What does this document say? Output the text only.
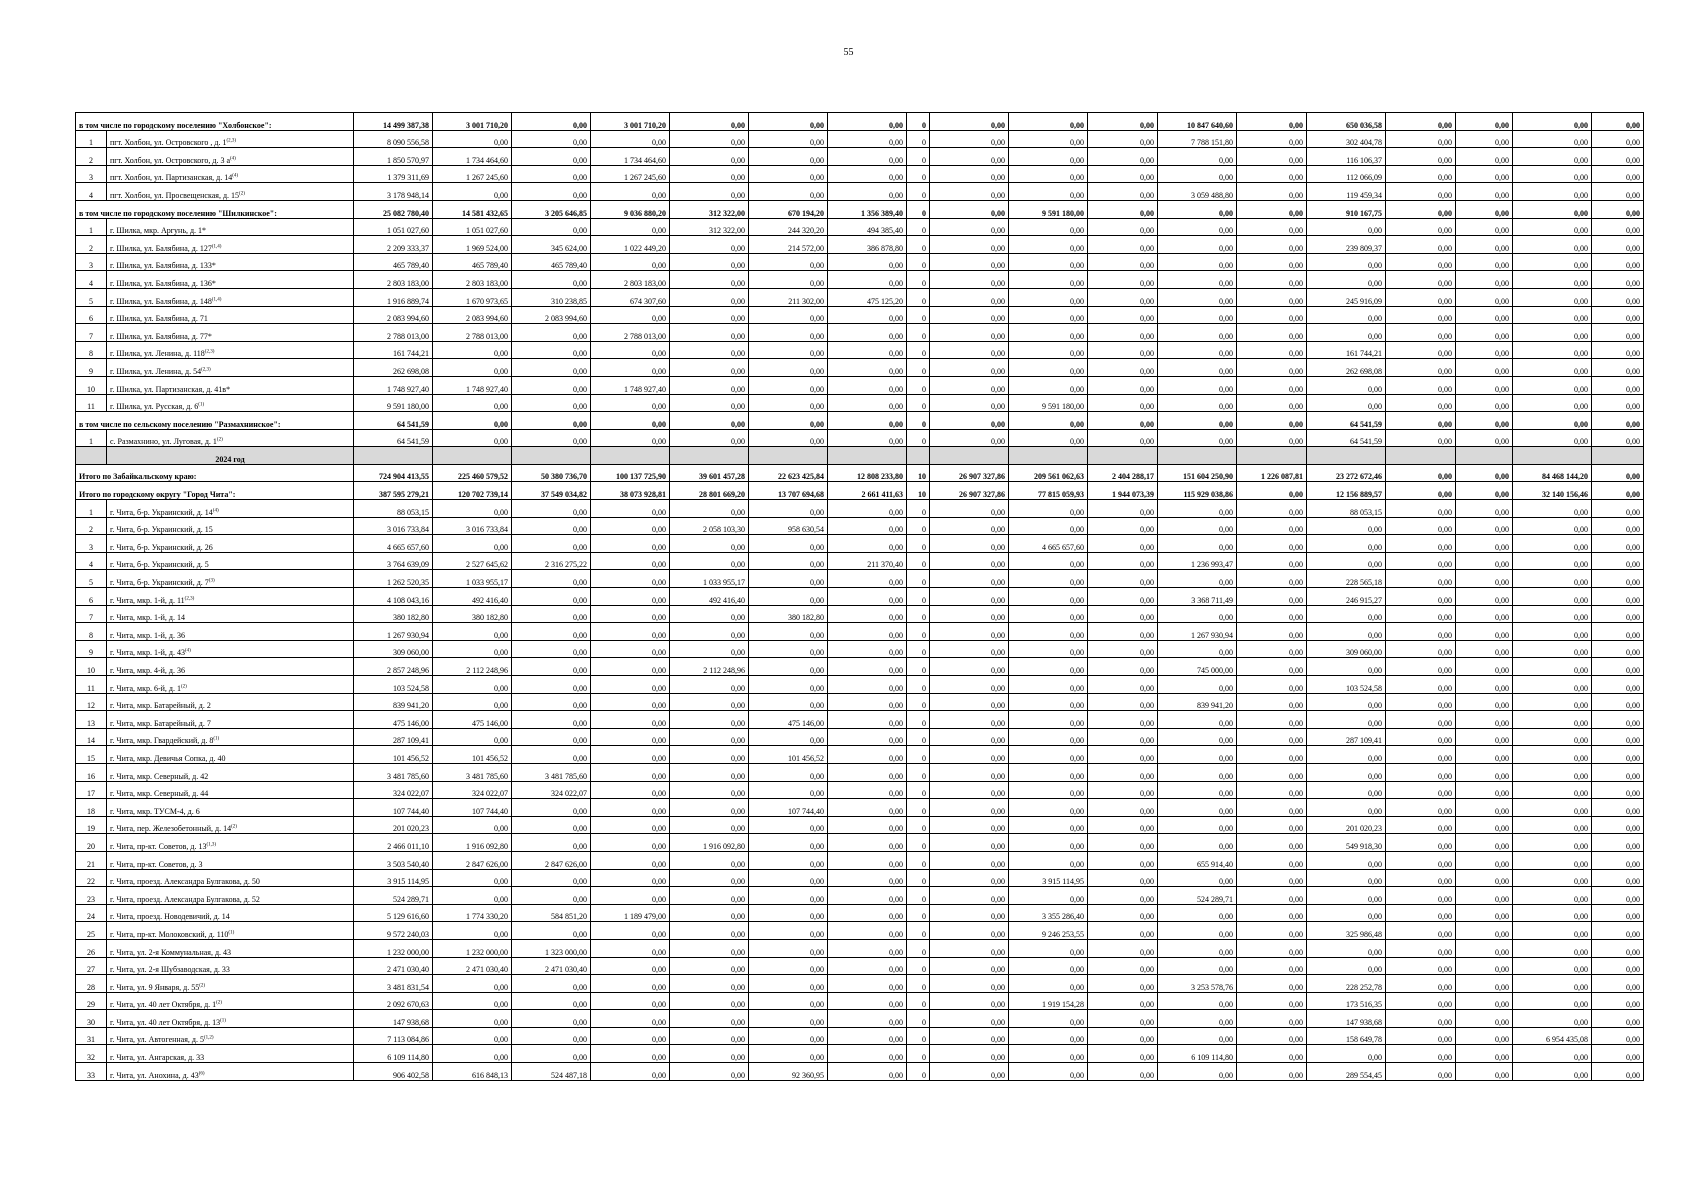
55
в том числе по городскому поселению "Холбонское":		14 499 387,38	3 001 710,20	0,00	3 001 710,20	0,00	0,00	0,00	0	0,00	0,00	0,00	10 847 640,60	0,00	650 036,58	0,00	0,00	0,00	0,00
1	пгт. Холбон, ул. Островского , д. 1$^{(2,3)}$	8 090 556,58	0,00	0,00	0,00	0,00	0,00	0,00	0	0,00	0,00	0,00	7 788 151,80	0,00	302 404,78	0,00	0,00	0,00	0,00
2	пгт. Холбон, ул. Островского, д. 3 $а^{(4)}$	1 850 570,97	1 734 464,60	0,00	1 734 464,60	0,00	0,00	0,00	0	0,00	0,00	0,00	0,00	0,00	116 106,37	0,00	0,00	0,00	0,00
3	пгт. Холбон, ул. Партизанская, д. 14$^{(4)}$	1 379 311,69	1 267 245,60	0,00	1 267 245,60	0,00	0,00	0,00	0	0,00	0,00	0,00	0,00	0,00	112 066,09	0,00	0,00	0,00	0,00
4	пгт. Холбон, ул. Просвещенская, д. 15$^{(2)}$	3 178 948,14	0,00	0,00	0,00	0,00	0,00	0,00	0	0,00	0,00	0,00	3 059 488,80	0,00	119 459,34	0,00	0,00	0,00	0,00
в том числе по городскому поселению "Шилкинское":		25 082 780,40	14 581 432,65	3 205 646,85	9 036 880,20	312 322,00	670 194,20	1 356 389,40	0	0,00	9 591 180,00	0,00	0,00	0,00	910 167,75	0,00	0,00	0,00	0,00
1	г. Шилка, мкр. Аргунь, д. 1*	1 051 027,60	1 051 027,60	0,00	0,00	312 322,00	244 320,20	494 385,40	0	0,00	0,00	0,00	0,00	0,00	0,00	0,00	0,00	0,00	0,00
2	г. Шилка, ул. Балябина, д. 127$^{(1,4)}$	2 209 333,37	1 969 524,00	345 624,00	1 022 449,20	0,00	214 572,00	386 878,80	0	0,00	0,00	0,00	0,00	0,00	239 809,37	0,00	0,00	0,00	0,00
3	г. Шилка, ул. Балябина, д. 133*	465 789,40	465 789,40	465 789,40	0,00	0,00	0,00	0,00	0	0,00	0,00	0,00	0,00	0,00	0,00	0,00	0,00	0,00	0,00
4	г. Шилка, ул. Балябина, д. 136*	2 803 183,00	2 803 183,00	0,00	2 803 183,00	0,00	0,00	0,00	0	0,00	0,00	0,00	0,00	0,00	0,00	0,00	0,00	0,00	0,00
5	г. Шилка, ул. Балябина, д. 148$^{(1,4)}$	1 916 889,74	1 670 973,65	310 238,85	674 307,60	0,00	211 302,00	475 125,20	0	0,00	0,00	0,00	0,00	0,00	245 916,09	0,00	0,00	0,00	0,00
6	г. Шилка, ул. Балябина, д. 71	2 083 994,60	2 083 994,60	2 083 994,60	0,00	0,00	0,00	0,00	0	0,00	0,00	0,00	0,00	0,00	0,00	0,00	0,00	0,00	0,00
7	г. Шилка, ул. Балябина, д. 77*	2 788 013,00	2 788 013,00	0,00	2 788 013,00	0,00	0,00	0,00	0	0,00	0,00	0,00	0,00	0,00	0,00	0,00	0,00	0,00	0,00
8	г. Шилка, ул. Ленина, д. 118$^{(2,3)}$	161 744,21	0,00	0,00	0,00	0,00	0,00	0,00	0	0,00	0,00	0,00	0,00	0,00	161 744,21	0,00	0,00	0,00	0,00
9	г. Шилка, ул. Ленина, д. 54$^{(2,3)}$	262 698,08	0,00	0,00	0,00	0,00	0,00	0,00	0	0,00	0,00	0,00	0,00	0,00	262 698,08	0,00	0,00	0,00	0,00
10	г. Шилка, ул. Партизанская, д. 41в*	1 748 927,40	1 748 927,40	0,00	1 748 927,40	0,00	0,00	0,00	0	0,00	0,00	0,00	0,00	0,00	0,00	0,00	0,00	0,00	0,00
11	г. Шилка, ул. Русская, д. 6$^{(1)}$	9 591 180,00	0,00	0,00	0,00	0,00	0,00	0,00	0	0,00	9 591 180,00	0,00	0,00	0,00	0,00	0,00	0,00	0,00	0,00
в том числе по сельскому поселению "Размахнинское":		64 541,59	0,00	0,00	0,00	0,00	0,00	0,00	0	0,00	0,00	0,00	0,00	0,00	64 541,59	0,00	0,00	0,00	0,00
1	с. Размахнино, ул. Луговая, д. 1$^{(2)}$	64 541,59	0,00	0,00	0,00	0,00	0,00	0,00	0	0,00	0,00	0,00	0,00	0,00	64 541,59	0,00	0,00	0,00	0,00
	2024 год																		
Итого по Забайкальскому краю:		724 904 413,55	225 460 579,52	50 380 736,70	100 137 725,90	39 601 457,28	22 623 425,84	12 808 233,80	10	26 907 327,86	209 561 062,63	2 404 288,17	151 604 250,90	1 226 087,81	23 272 672,46	0,00	0,00	84 468 144,20	0,00
Итого по городскому округу "Город Чита":		387 595 279,21	120 702 739,14	37 549 034,82	38 073 928,81	28 801 669,20	13 707 694,68	2 661 411,63	10	26 907 327,86	77 815 059,93	1 944 073,39	115 929 038,86	0,00	12 156 889,57	0,00	0,00	32 140 156,46	0,00
1	г. Чита, б-р. Украинский, д. 14$^{(4)}$	88 053,15	0,00	0,00	0,00	0,00	0,00	0,00	0	0,00	0,00	0,00	0,00	0,00	88 053,15	0,00	0,00	0,00	0,00
2	г. Чита, б-р. Украинский, д. 15	3 016 733,84	3 016 733,84	0,00	0,00	2 058 103,30	958 630,54	0,00	0	0,00	0,00	0,00	0,00	0,00	0,00	0,00	0,00	0,00	0,00
3	г. Чита, б-р. Украинский, д. 26	4 665 657,60	0,00	0,00	0,00	0,00	0,00	0,00	0	0,00	4 665 657,60	0,00	0,00	0,00	0,00	0,00	0,00	0,00	0,00
4	г. Чита, б-р. Украинский, д. 5	3 764 639,09	2 527 645,62	2 316 275,22	0,00	0,00	0,00	211 370,40	0	0,00	0,00	0,00	1 236 993,47	0,00	0,00	0,00	0,00	0,00	0,00
5	г. Чита, б-р. Украинский, д. 7$^{(3)}$	1 262 520,35	1 033 955,17	0,00	0,00	1 033 955,17	0,00	0,00	0	0,00	0,00	0,00	0,00	0,00	228 565,18	0,00	0,00	0,00	0,00
6	г. Чита, мкр. 1-й, д. 11$^{(2,3)}$	4 108 043,16	492 416,40	0,00	0,00	492 416,40	0,00	0,00	0	0,00	0,00	0,00	3 368 711,49	0,00	246 915,27	0,00	0,00	0,00	0,00
7	г. Чита, мкр. 1-й, д. 14	380 182,80	380 182,80	0,00	0,00	0,00	380 182,80	0,00	0	0,00	0,00	0,00	0,00	0,00	0,00	0,00	0,00	0,00	0,00
8	г. Чита, мкр. 1-й, д. 36	1 267 930,94	0,00	0,00	0,00	0,00	0,00	0,00	0	0,00	0,00	0,00	1 267 930,94	0,00	0,00	0,00	0,00	0,00	0,00
9	г. Чита, мкр. 1-й, д. 43$^{(4)}$	309 060,00	0,00	0,00	0,00	0,00	0,00	0,00	0	0,00	0,00	0,00	0,00	0,00	309 060,00	0,00	0,00	0,00	0,00
10	г. Чита, мкр. 4-й, д. 36	2 857 248,96	2 112 248,96	0,00	0,00	2 112 248,96	0,00	0,00	0	0,00	0,00	0,00	745 000,00	0,00	0,00	0,00	0,00	0,00	0,00
11	г. Чита, мкр. 6-й, д. 1$^{(2)}$	103 524,58	0,00	0,00	0,00	0,00	0,00	0,00	0	0,00	0,00	0,00	0,00	0,00	103 524,58	0,00	0,00	0,00	0,00
12	г. Чита, мкр. Батарейный, д. 2	839 941,20	0,00	0,00	0,00	0,00	0,00	0,00	0	0,00	0,00	0,00	839 941,20	0,00	0,00	0,00	0,00	0,00	0,00
13	г. Чита, мкр. Батарейный, д. 7	475 146,00	475 146,00	0,00	0,00	0,00	475 146,00	0,00	0	0,00	0,00	0,00	0,00	0,00	0,00	0,00	0,00	0,00	0,00
14	г. Чита, мкр. Гвардейский, д. 8$^{(1)}$	287 109,41	0,00	0,00	0,00	0,00	0,00	0,00	0	0,00	0,00	0,00	0,00	0,00	287 109,41	0,00	0,00	0,00	0,00
15	г. Чита, мкр. Девичья Сопка, д. 40	101 456,52	101 456,52	0,00	0,00	0,00	101 456,52	0,00	0	0,00	0,00	0,00	0,00	0,00	0,00	0,00	0,00	0,00	0,00
16	г. Чита, мкр. Северный, д. 42	3 481 785,60	3 481 785,60	3 481 785,60	0,00	0,00	0,00	0,00	0	0,00	0,00	0,00	0,00	0,00	0,00	0,00	0,00	0,00	0,00
17	г. Чита, мкр. Северный, д. 44	324 022,07	324 022,07	324 022,07	0,00	0,00	0,00	0,00	0	0,00	0,00	0,00	0,00	0,00	0,00	0,00	0,00	0,00	0,00
18	г. Чита, мкр. ТУСМ-4, д. 6	107 744,40	107 744,40	0,00	0,00	0,00	107 744,40	0,00	0	0,00	0,00	0,00	0,00	0,00	0,00	0,00	0,00	0,00	0,00
19	г. Чита, пер. Железобетонный, д. 14$^{(2)}$	201 020,23	0,00	0,00	0,00	0,00	0,00	0,00	0	0,00	0,00	0,00	0,00	0,00	201 020,23	0,00	0,00	0,00	0,00
20	г. Чита, пр-кт. Советов, д. 13$^{(1,3)}$	2 466 011,10	1 916 092,80	0,00	0,00	1 916 092,80	0,00	0,00	0	0,00	0,00	0,00	0,00	0,00	549 918,30	0,00	0,00	0,00	0,00
21	г. Чита, пр-кт. Советов, д. 3	3 503 540,40	2 847 626,00	2 847 626,00	0,00	0,00	0,00	0,00	0	0,00	0,00	0,00	655 914,40	0,00	0,00	0,00	0,00	0,00	0,00
22	г. Чита, проезд. Александра Булгакова, д. 50	3 915 114,95	0,00	0,00	0,00	0,00	0,00	0,00	0	0,00	3 915 114,95	0,00	0,00	0,00	0,00	0,00	0,00	0,00	0,00
23	г. Чита, проезд. Александра Булгакова, д. 52	524 289,71	0,00	0,00	0,00	0,00	0,00	0,00	0	0,00	0,00	0,00	524 289,71	0,00	0,00	0,00	0,00	0,00	0,00
24	г. Чита, проезд. Новодевичий, д. 14	5 129 616,60	1 774 330,20	584 851,20	1 189 479,00	0,00	0,00	0,00	0	0,00	3 355 286,40	0,00	0,00	0,00	0,00	0,00	0,00	0,00	0,00
25	г. Чита, пр-кт. Молоковский, д. 110$^{(1)}$	9 572 240,03	0,00	0,00	0,00	0,00	0,00	0,00	0	0,00	9 246 253,55	0,00	0,00	0,00	325 986,48	0,00	0,00	0,00	0,00
26	г. Чита, ул. 2-я Коммунальная, д. 43	1 232 000,00	1 232 000,00	1 323 000,00	0,00	0,00	0,00	0,00	0	0,00	0,00	0,00	0,00	0,00	0,00	0,00	0,00	0,00	0,00
27	г. Чита, ул. 2-я Шубзаводская, д. 33	2 471 030,40	2 471 030,40	2 471 030,40	0,00	0,00	0,00	0,00	0	0,00	0,00	0,00	0,00	0,00	0,00	0,00	0,00	0,00	0,00
28	г. Чита, ул. 9 Января, д. 55$^{(2)}$	3 481 831,54	0,00	0,00	0,00	0,00	0,00	0,00	0	0,00	0,00	0,00	3 253 578,76	0,00	228 252,78	0,00	0,00	0,00	0,00
29	г. Чита, ул. 40 лет Октября, д. 1$^{(2)}$	2 092 670,63	0,00	0,00	0,00	0,00	0,00	0,00	0	0,00	1 919 154,28	0,00	0,00	0,00	173 516,35	0,00	0,00	0,00	0,00
30	г. Чита, ул. 40 лет Октября, д. 13$^{(1)}$	147 938,68	0,00	0,00	0,00	0,00	0,00	0,00	0	0,00	0,00	0,00	0,00	0,00	147 938,68	0,00	0,00	0,00	0,00
31	г. Чита, ул. Автогенная, д. 5$^{(1,2)}$	7 113 084,86	0,00	0,00	0,00	0,00	0,00	0,00	0	0,00	0,00	0,00	0,00	0,00	158 649,78	0,00	0,00	6 954 435,08	0,00
32	г. Чита, ул. Ангарская, д. 33	6 109 114,80	0,00	0,00	0,00	0,00	0,00	0,00	0	0,00	0,00	0,00	6 109 114,80	0,00	0,00	0,00	0,00	0,00	0,00
33	г. Чита, ул. Анохина, д. 43$^{(6)}$	906 402,58	616 848,13	524 487,18	0,00	0,00	92 360,95	0,00	0	0,00	0,00	0,00	0,00	0,00	289 554,45	0,00	0,00	0,00	0,00
